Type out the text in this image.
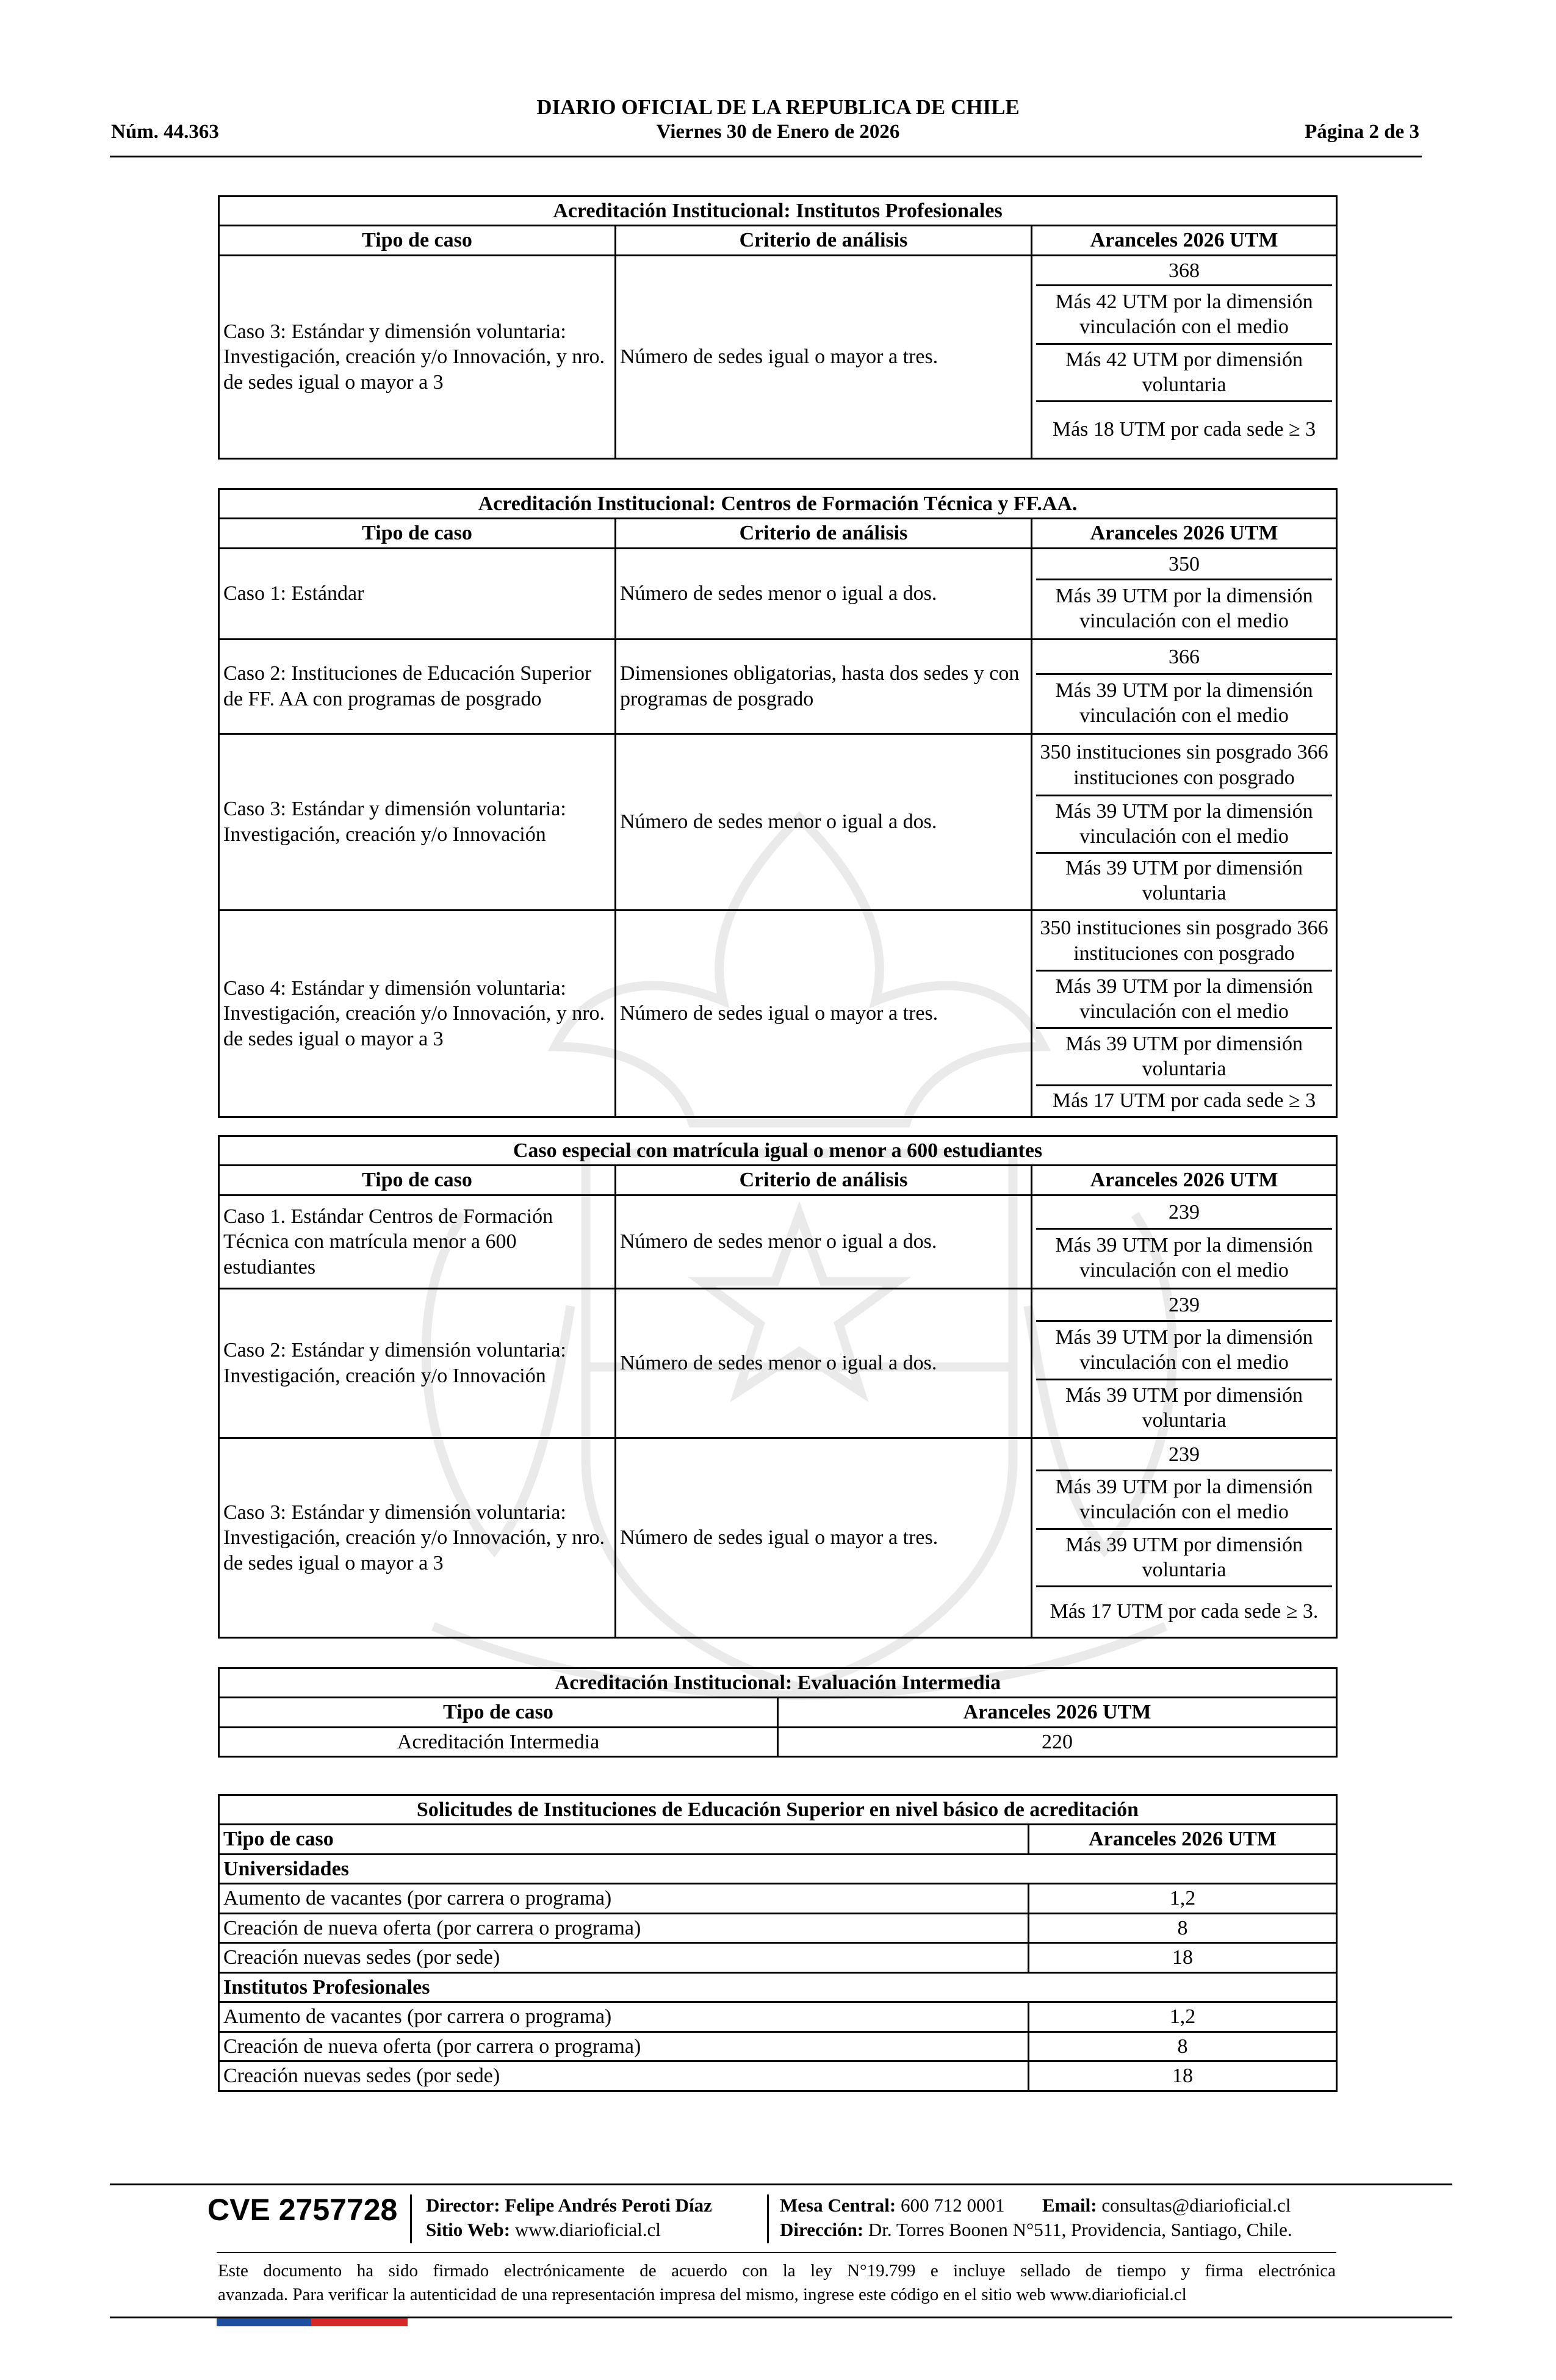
DIARIO OFICIAL DE LA REPUBLICA DE CHILE
Núm. 44.363	Viernes 30 de Enero de 2026	Página 2 de 3
Acreditación Institucional: Institutos Profesionales		
Tipo de caso	Criterio de análisis	Aranceles 2026 UTM
Caso 3: Estándar y dimensión voluntaria: Investigación, creación y/o Innovación, y nro. de sedes igual o mayor a 3	Número de sedes igual o mayor a tres.	368
Más 42 UTM por la dimensión vinculación con el medio
Más 42 UTM por dimensión voluntaria
Más 18 UTM por cada sede ≥ 3
Acreditación Institucional: Centros de Formación Técnica y FF.AA.		
Tipo de caso	Criterio de análisis	Aranceles 2026 UTM
Caso 1: Estándar	Número de sedes menor o igual a dos.	350
Más 39 UTM por la dimensión vinculación con el medio

Caso 2: Instituciones de Educación Superior de FF. AA con programas de posgrado	Dimensiones obligatorias, hasta dos sedes y con programas de posgrado	366
Más 39 UTM por la dimensión vinculación con el medio

Caso 3: Estándar y dimensión voluntaria: Investigación, creación y/o Innovación	Número de sedes menor o igual a dos.	350 instituciones sin posgrado 366 instituciones con posgrado
Más 39 UTM por la dimensión vinculación con el medio
Más 39 UTM por dimensión voluntaria

Caso 4: Estándar y dimensión voluntaria: Investigación, creación y/o Innovación, y nro. de sedes igual o mayor a 3	Número de sedes igual o mayor a tres.	350 instituciones sin posgrado 366 instituciones con posgrado
Más 39 UTM por la dimensión vinculación con el medio
Más 39 UTM por dimensión voluntaria
Más 17 UTM por cada sede ≥ 3
Caso especial con matrícula igual o menor a 600 estudiantes		
Tipo de caso	Criterio de análisis	Aranceles 2026 UTM
Caso 1. Estándar Centros de Formación Técnica con matrícula menor a 600 estudiantes	Número de sedes menor o igual a dos.	239
Más 39 UTM por la dimensión vinculación con el medio

Caso 2: Estándar y dimensión voluntaria: Investigación, creación y/o Innovación	Número de sedes menor o igual a dos.	239
Más 39 UTM por la dimensión vinculación con el medio
Más 39 UTM por dimensión voluntaria

Caso 3: Estándar y dimensión voluntaria: Investigación, creación y/o Innovación, y nro. de sedes igual o mayor a 3	Número de sedes igual o mayor a tres.	239
Más 39 UTM por la dimensión vinculación con el medio
Más 39 UTM por dimensión voluntaria
Más 17 UTM por cada sede ≥ 3.
Acreditación Institucional: Evaluación Intermedia	
Tipo de caso	Aranceles 2026 UTM
Acreditación Intermedia	220
Solicitudes de Instituciones de Educación Superior en nivel básico de acreditación	
Tipo de caso	Aranceles 2026 UTM
Universidades	
Aumento de vacantes (por carrera o programa)	1,2
Creación de nueva oferta (por carrera o programa)	8
Creación nuevas sedes (por sede)	18
Institutos Profesionales	
Aumento de vacantes (por carrera o programa)	1,2
Creación de nueva oferta (por carrera o programa)	8
Creación nuevas sedes (por sede)	18
CVE 2757728 Director: Felipe Andrés Peroti Díaz
Sitio Web: www.diarioficial.cl
Mesa Central: 600 712 0001 Email: consultas@diarioficial.cl
Dirección: Dr. Torres Boonen N°511, Providencia, Santiago, Chile.
Este documento ha sido firmado electrónicamente de acuerdo con la ley N°19.799 e incluye sellado de tiempo y firma electrónica
avanzada. Para verificar la autenticidad de una representación impresa del mismo, ingrese este código en el sitio web www.diarioficial.cl
